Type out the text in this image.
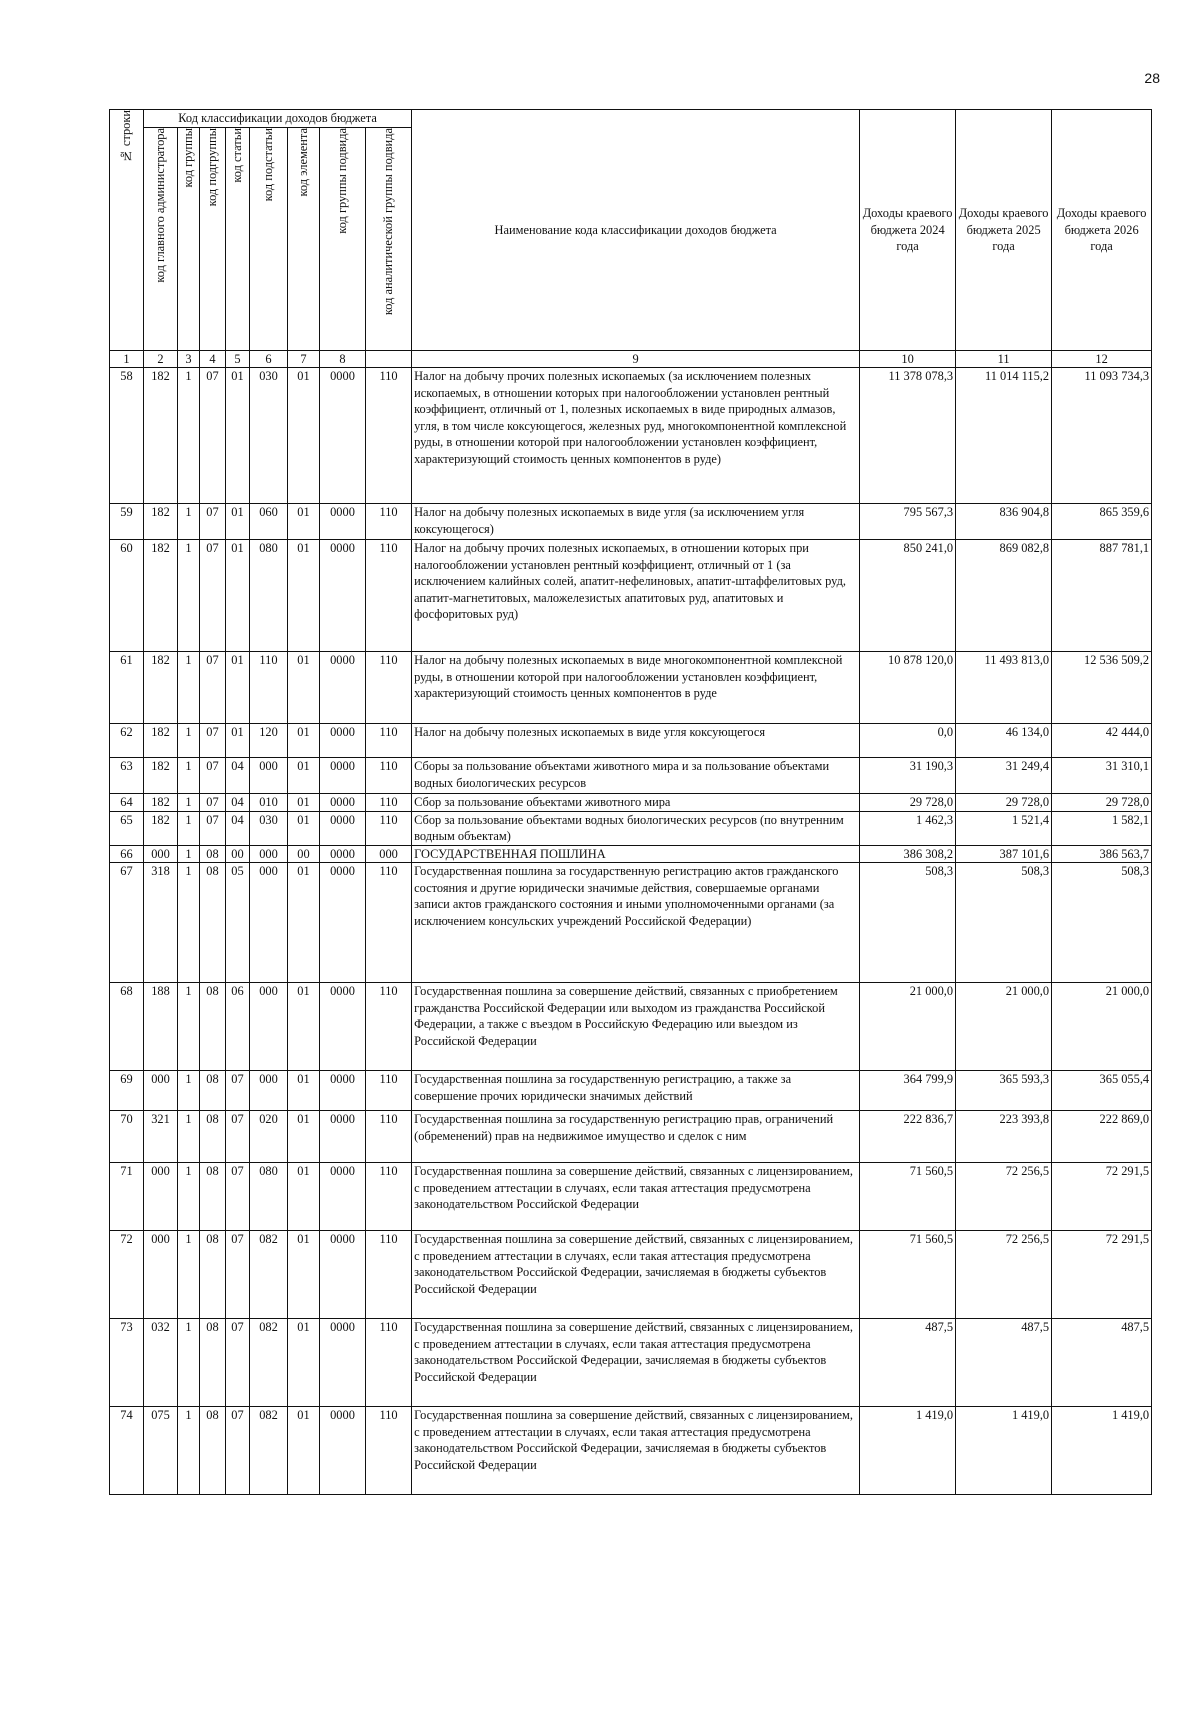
28
№ строки	Код классификации доходов бюджета								Наименование кода классификации доходов бюджета	Доходы краевого бюджета 2024 года	Доходы краевого бюджета 2025 года	Доходы краевого бюджета 2026 года
	код главного администратора	код группы	код подгруппы	код статьи	код подстатьи	код элемента	код группы подвида	код аналитической группы подвида				
1	2	3	4	5	6	7	8		9	10	11	12
58	182	1	07	01	030	01	0000	110	Налог на добычу прочих полезных ископаемых (за исключением полезных ископаемых, в отношении которых при налогообложении установлен рентный коэффициент, отличный от 1, полезных ископаемых в виде природных алмазов, угля, в том числе коксующегося, железных руд, многокомпонентной комплексной руды, в отношении которой при налогообложении установлен коэффициент, характеризующий стоимость ценных компонентов в руде)	11 378 078,3	11 014 115,2	11 093 734,3
59	182	1	07	01	060	01	0000	110	Налог на добычу полезных ископаемых в виде угля (за исключением угля коксующегося)	795 567,3	836 904,8	865 359,6
60	182	1	07	01	080	01	0000	110	Налог на добычу прочих полезных ископаемых, в отношении которых при налогообложении установлен рентный коэффициент, отличный от 1 (за исключением калийных солей, апатит-нефелиновых, апатит-штаффелитовых руд, апатит-магнетитовых, маложелезистых апатитовых руд, апатитовых и фосфоритовых руд)	850 241,0	869 082,8	887 781,1
61	182	1	07	01	110	01	0000	110	Налог на добычу полезных ископаемых в виде многокомпонентной комплексной руды, в отношении которой при налогообложении установлен коэффициент, характеризующий стоимость ценных компонентов в руде	10 878 120,0	11 493 813,0	12 536 509,2
62	182	1	07	01	120	01	0000	110	Налог на добычу полезных ископаемых в виде угля коксующегося	0,0	46 134,0	42 444,0
63	182	1	07	04	000	01	0000	110	Сборы за пользование объектами животного мира и за пользование объектами водных биологических ресурсов	31 190,3	31 249,4	31 310,1
64	182	1	07	04	010	01	0000	110	Сбор за пользование объектами животного мира	29 728,0	29 728,0	29 728,0
65	182	1	07	04	030	01	0000	110	Сбор за пользование объектами водных биологических ресурсов (по внутренним водным объектам)	1 462,3	1 521,4	1 582,1
66	000	1	08	00	000	00	0000	000	ГОСУДАРСТВЕННАЯ ПОШЛИНА	386 308,2	387 101,6	386 563,7
67	318	1	08	05	000	01	0000	110	Государственная пошлина за государственную регистрацию актов гражданского состояния и другие юридически значимые действия, совершаемые органами записи актов гражданского состояния и иными уполномоченными органами (за исключением консульских учреждений Российской Федерации)	508,3	508,3	508,3
68	188	1	08	06	000	01	0000	110	Государственная пошлина за совершение действий, связанных с приобретением гражданства Российской Федерации или выходом из гражданства Российской Федерации, а также с въездом в Российскую Федерацию или выездом из Российской Федерации	21 000,0	21 000,0	21 000,0
69	000	1	08	07	000	01	0000	110	Государственная пошлина за государственную регистрацию, а также за совершение прочих юридически значимых действий	364 799,9	365 593,3	365 055,4
70	321	1	08	07	020	01	0000	110	Государственная пошлина за государственную регистрацию прав, ограничений (обременений) прав на недвижимое имущество и сделок с ним	222 836,7	223 393,8	222 869,0
71	000	1	08	07	080	01	0000	110	Государственная пошлина за совершение действий, связанных с лицензированием, с проведением аттестации в случаях, если такая аттестация предусмотрена законодательством Российской Федерации	71 560,5	72 256,5	72 291,5
72	000	1	08	07	082	01	0000	110	Государственная пошлина за совершение действий, связанных с лицензированием, с проведением аттестации в случаях, если такая аттестация предусмотрена законодательством Российской Федерации, зачисляемая в бюджеты субъектов Российской Федерации	71 560,5	72 256,5	72 291,5
73	032	1	08	07	082	01	0000	110	Государственная пошлина за совершение действий, связанных с лицензированием, с проведением аттестации в случаях, если такая аттестация предусмотрена законодательством Российской Федерации, зачисляемая в бюджеты субъектов Российской Федерации	487,5	487,5	487,5
74	075	1	08	07	082	01	0000	110	Государственная пошлина за совершение действий, связанных с лицензированием, с проведением аттестации в случаях, если такая аттестация предусмотрена законодательством Российской Федерации, зачисляемая в бюджеты субъектов Российской Федерации	1 419,0	1 419,0	1 419,0
